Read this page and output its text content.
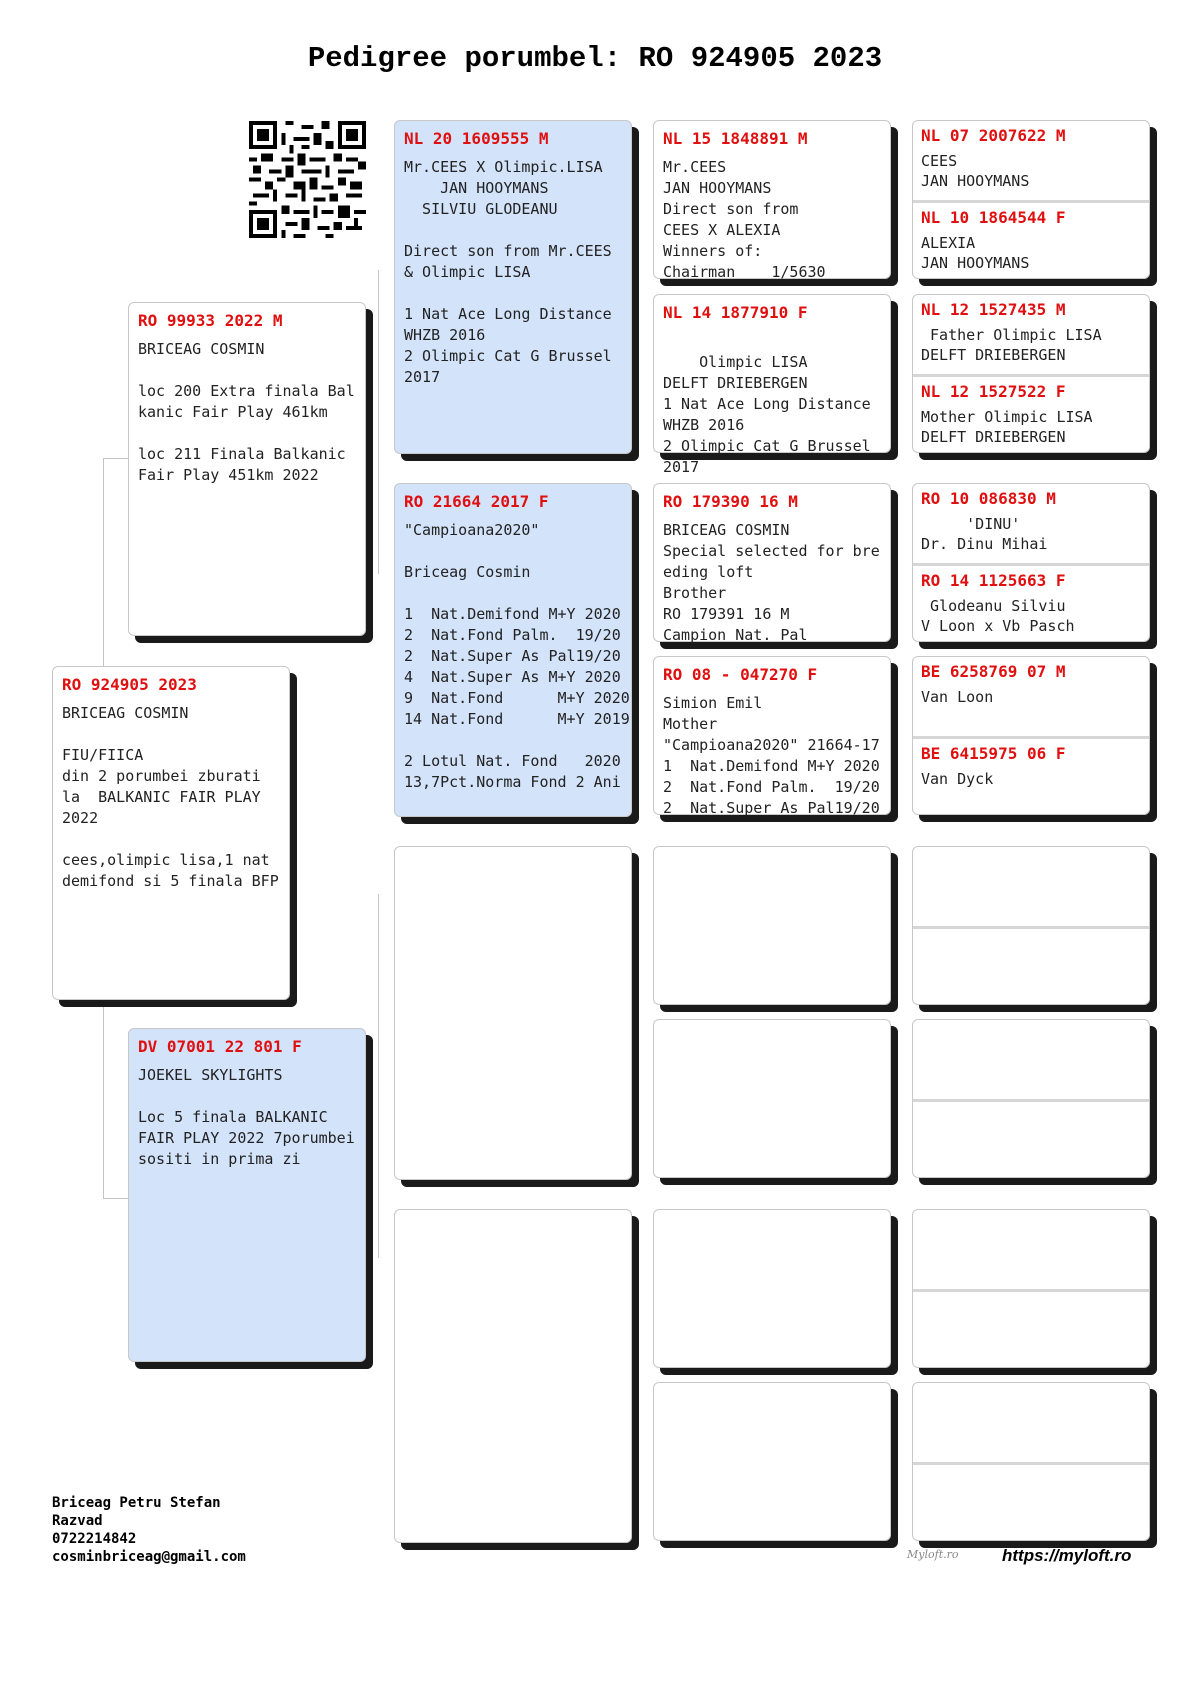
Pedigree porumbel: RO 924905 2023
RO 924905 2023
BRICEAG COSMIN

FIU/FIICA
din 2 porumbei zburati
la  BALKANIC FAIR PLAY
2022

cees,olimpic lisa,1 nat
demifond si 5 finala BFP
RO 99933 2022 M
BRICEAG COSMIN

loc 200 Extra finala Bal
kanic Fair Play 461km

loc 211 Finala Balkanic
Fair Play 451km 2022
DV 07001 22 801 F
JOEKEL SKYLIGHTS

Loc 5 finala BALKANIC
FAIR PLAY 2022 7porumbei
sositi in prima zi
NL 20 1609555 M
Mr.CEES X Olimpic.LISA
JAN HOOYMANS
SILVIU GLODEANU

Direct son from Mr.CEES
& Olimpic LISA

1 Nat Ace Long Distance
WHZB 2016
2 Olimpic Cat G Brussel
2017
RO 21664 2017 F
"Campioana2020"

Briceag Cosmin

1  Nat.Demifond M+Y 2020
2  Nat.Fond Palm.  19/20
2  Nat.Super As Pal19/20
4  Nat.Super As M+Y 2020
9  Nat.Fond      M+Y 2020
14 Nat.Fond      M+Y 2019

2 Lotul Nat. Fond   2020
13,7Pct.Norma Fond 2 Ani
NL 15 1848891 M
Mr.CEES
JAN HOOYMANS
Direct son from
CEES X ALEXIA
Winners of:
Chairman    1/5630
NL 14 1877910 F

Olimpic LISA
DELFT DRIEBERGEN
1 Nat Ace Long Distance
WHZB 2016
2 Olimpic Cat G Brussel
2017
RO 179390 16 M
BRICEAG COSMIN
Special selected for bre
eding loft
Brother
RO 179391 16 M
Campion Nat. Pal
RO 08 - 047270 F
Simion Emil
Mother
"Campioana2020" 21664-17
1  Nat.Demifond M+Y 2020
2  Nat.Fond Palm.  19/20
2  Nat.Super As Pal19/20
NL 07 2007622 M
CEES
JAN HOOYMANS
NL 10 1864544 F
ALEXIA
JAN HOOYMANS
NL 12 1527435 M
Father Olimpic LISA
DELFT DRIEBERGEN
NL 12 1527522 F
Mother Olimpic LISA
DELFT DRIEBERGEN
RO 10 086830 M
'DINU'
Dr. Dinu Mihai
RO 14 1125663 F
Glodeanu Silviu
V Loon x Vb Pasch
BE 6258769 07 M
Van Loon
BE 6415975 06 F
Van Dyck
Briceag Petru Stefan
Razvad
0722214842
cosminbriceag@gmail.com	Myloft.ro	https://myloft.ro
